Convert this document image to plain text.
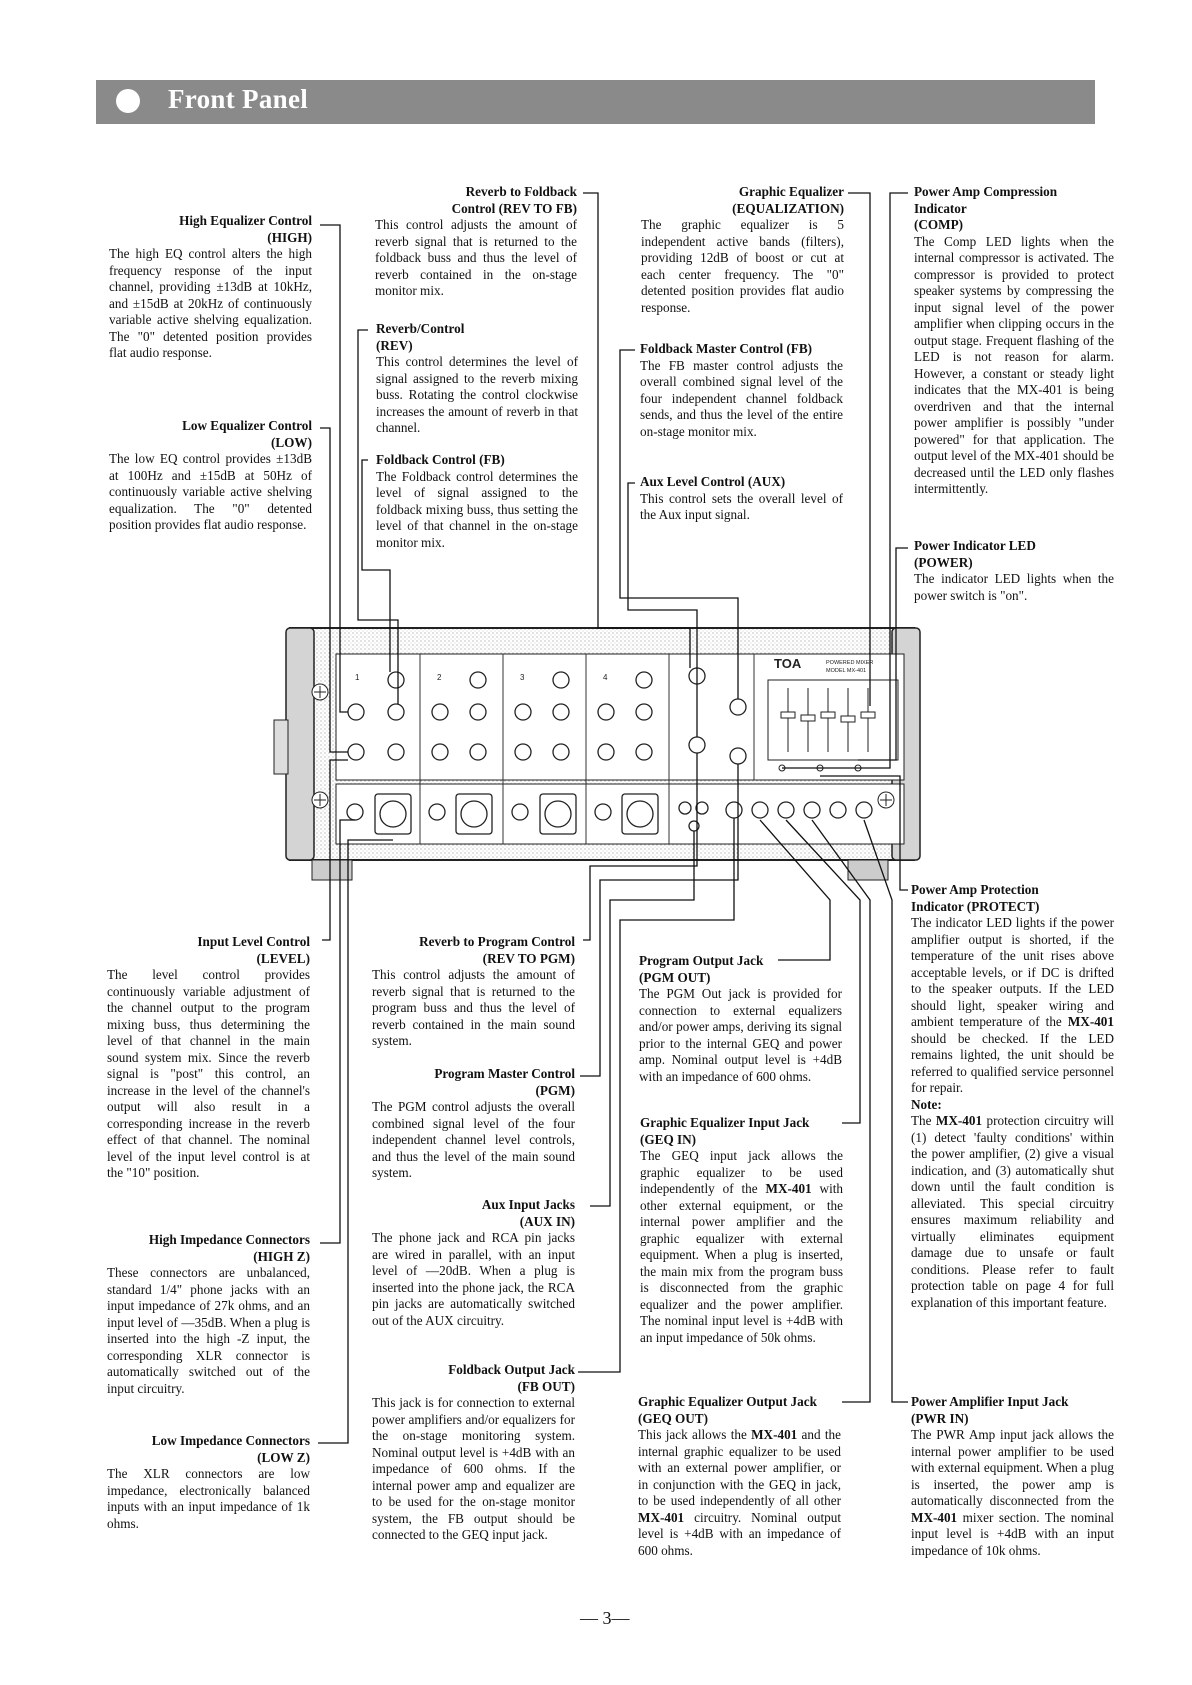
Front Panel
High Equalizer Control
(HIGH)
The high EQ control alters the high frequency response of the input channel, providing ±13dB at 10kHz, and ±15dB at 20kHz of continuously variable active shelving equalization. The "0" detented position provides flat audio response.
Low Equalizer Control
(LOW)
The low EQ control provides ±13dB at 100Hz and ±15dB at 50Hz of continuously variable active shelving equalization. The "0" detented position provides flat audio response.
Reverb to Foldback
Control (REV TO FB)
This control adjusts the amount of reverb signal that is returned to the foldback buss and thus the level of reverb contained in the on-stage monitor mix.
Reverb/Control
(REV)
This control determines the level of signal assigned to the reverb mixing buss. Rotating the control clockwise increases the amount of reverb in that channel.
Foldback Control (FB)
The Foldback control determines the level of signal assigned to the foldback mixing buss, thus setting the level of that channel in the on-stage monitor mix.
Graphic Equalizer
(EQUALIZATION)
The graphic equalizer is 5 independent active bands (filters), providing 12dB of boost or cut at each center frequency. The "0" detented position provides flat audio response.
Foldback Master Control (FB)
The FB master control adjusts the overall combined signal level of the four independent channel foldback sends, and thus the level of the entire on-stage monitor mix.
Aux Level Control (AUX)
This control sets the overall level of the Aux input signal.
Power Amp Compression
Indicator
(COMP)
The Comp LED lights when the internal compressor is activated. The compressor is provided to protect speaker systems by compressing the input signal level of the power amplifier when clipping occurs in the output stage. Frequent flashing of the LED is not reason for alarm. However, a constant or steady light indicates that the MX-401 is being overdriven and that the internal power amplifier is possibly "under powered" for that application. The output level of the MX-401 should be decreased until the LED only flashes intermittently.
Power Indicator LED
(POWER)
The indicator LED lights when the power switch is "on".
1	2	3	4
TOA	POWERED MIXER
MODEL MX-401
Input Level Control
(LEVEL)
The level control provides continuously variable adjustment of the channel output to the program mixing buss, thus determining the level of that channel in the main sound system mix. Since the reverb signal is "post" this control, an increase in the level of the channel's output will also result in a corresponding increase in the reverb effect of that channel. The nominal level of the input level control is at the "10" position.
High Impedance Connectors
(HIGH Z)
These connectors are unbalanced, standard 1/4" phone jacks with an input impedance of 27k ohms, and an input level of —35dB. When a plug is inserted into the high -Z input, the corresponding XLR connector is automatically switched out of the input circuitry.
Low Impedance Connectors
(LOW Z)
The XLR connectors are low impedance, electronically balanced inputs with an input impedance of 1k ohms.
Reverb to Program Control
(REV TO PGM)
This control adjusts the amount of reverb signal that is returned to the program buss and thus the level of reverb contained in the main sound system.
Program Master Control
(PGM)
The PGM control adjusts the overall combined signal level of the four independent channel level controls, and thus the level of the main sound system.
Aux Input Jacks
(AUX IN)
The phone jack and RCA pin jacks are wired in parallel, with an input level of —20dB. When a plug is inserted into the phone jack, the RCA pin jacks are automatically switched out of the AUX circuitry.
Foldback Output Jack
(FB OUT)
This jack is for connection to external power amplifiers and/or equalizers for the on-stage monitoring system. Nominal output level is +4dB with an impedance of 600 ohms. If the internal power amp and equalizer are to be used for the on-stage monitor system, the FB output should be connected to the GEQ input jack.
Program Output Jack
(PGM OUT)
The PGM Out jack is provided for connection to external equalizers and/or power amps, deriving its signal prior to the internal GEQ and power amp. Nominal output level is +4dB with an impedance of 600 ohms.
Graphic Equalizer Input Jack
(GEQ IN)
The GEQ input jack allows the graphic equalizer to be used independently of the MX-401 with other external equipment, or the internal power amplifier and the graphic equalizer with external equipment. When a plug is inserted, the main mix from the program buss is disconnected from the graphic equalizer and the power amplifier. The nominal input level is +4dB with an input impedance of 50k ohms.
Graphic Equalizer Output Jack
(GEQ OUT)
This jack allows the MX-401 and the internal graphic equalizer to be used with an external power amplifier, or in conjunction with the GEQ in jack, to be used independently of all other MX-401 circuitry. Nominal output level is +4dB with an impedance of 600 ohms.
Power Amp Protection
Indicator (PROTECT)
The indicator LED lights if the power amplifier output is shorted, if the temperature of the unit rises above acceptable levels, or if DC is drifted to the speaker outputs. If the LED should light, speaker wiring and ambient temperature of the MX-401 should be checked. If the LED remains lighted, the unit should be referred to qualified service personnel for repair.
Note:
The MX-401 protection circuitry will (1) detect 'faulty conditions' within the power amplifier, (2) give a visual indication, and (3) automatically shut down until the fault condition is alleviated. This special circuitry ensures maximum reliability and virtually eliminates equipment damage due to unsafe or fault conditions. Please refer to fault protection table on page 4 for full explanation of this important feature.
Power Amplifier Input Jack
(PWR IN)
The PWR Amp input jack allows the internal power amplifier to be used with external equipment. When a plug is inserted, the power amp is automatically disconnected from the MX-401 mixer section. The nominal input level is +4dB with an input impedance of 10k ohms.
— 3—
